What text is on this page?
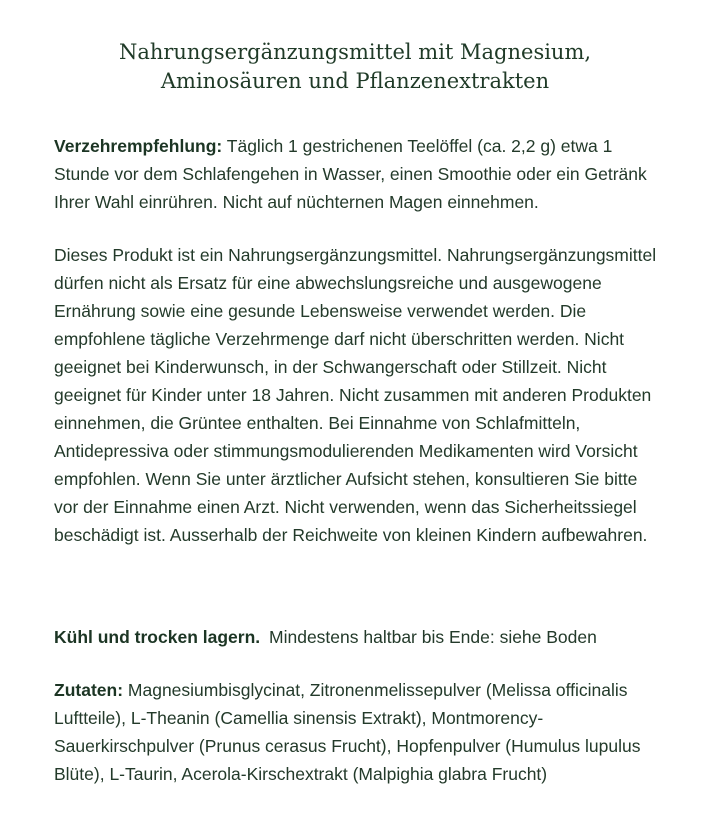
Nahrungsergänzungsmittel mit Magnesium,
Aminosäuren und Pflanzenextrakten

Verzehrempfehlung: Täglich 1 gestrichenen Teelöffel (ca. 2,2 g) etwa 1 Stunde vor dem Schlafengehen in Wasser, einen Smoothie oder ein Getränk Ihrer Wahl einrühren. Nicht auf nüchternen Magen einnehmen.

Dieses Produkt ist ein Nahrungsergänzungsmittel. Nahrungsergänzungsmittel dürfen nicht als Ersatz für eine abwechslungsreiche und ausgewogene Ernährung sowie eine gesunde Lebensweise verwendet werden. Die empfohlene tägliche Verzehrmenge darf nicht überschritten werden. Nicht geeignet bei Kinderwunsch, in der Schwangerschaft oder Stillzeit. Nicht geeignet für Kinder unter 18 Jahren. Nicht zusammen mit anderen Produkten einnehmen, die Grüntee enthalten. Bei Einnahme von Schlafmitteln, Antidepressiva oder stimmungsmodulierenden Medikamenten wird Vorsicht empfohlen. Wenn Sie unter ärztlicher Aufsicht stehen, konsultieren Sie bitte vor der Einnahme einen Arzt. Nicht verwenden, wenn das Sicherheitssiegel beschädigt ist. Ausserhalb der Reichweite von kleinen Kindern aufbewahren.

Kühl und trocken lagern. Mindestens haltbar bis Ende: siehe Boden

Zutaten: Magnesiumbisglycinat, Zitronenmelissepulver (Melissa officinalis Luftteile), L-Theanin (Camellia sinensis Extrakt), Montmorency-Sauerkirschpulver (Prunus cerasus Frucht), Hopfenpulver (Humulus lupulus Blüte), L-Taurin, Acerola-Kirschextrakt (Malpighia glabra Frucht)
